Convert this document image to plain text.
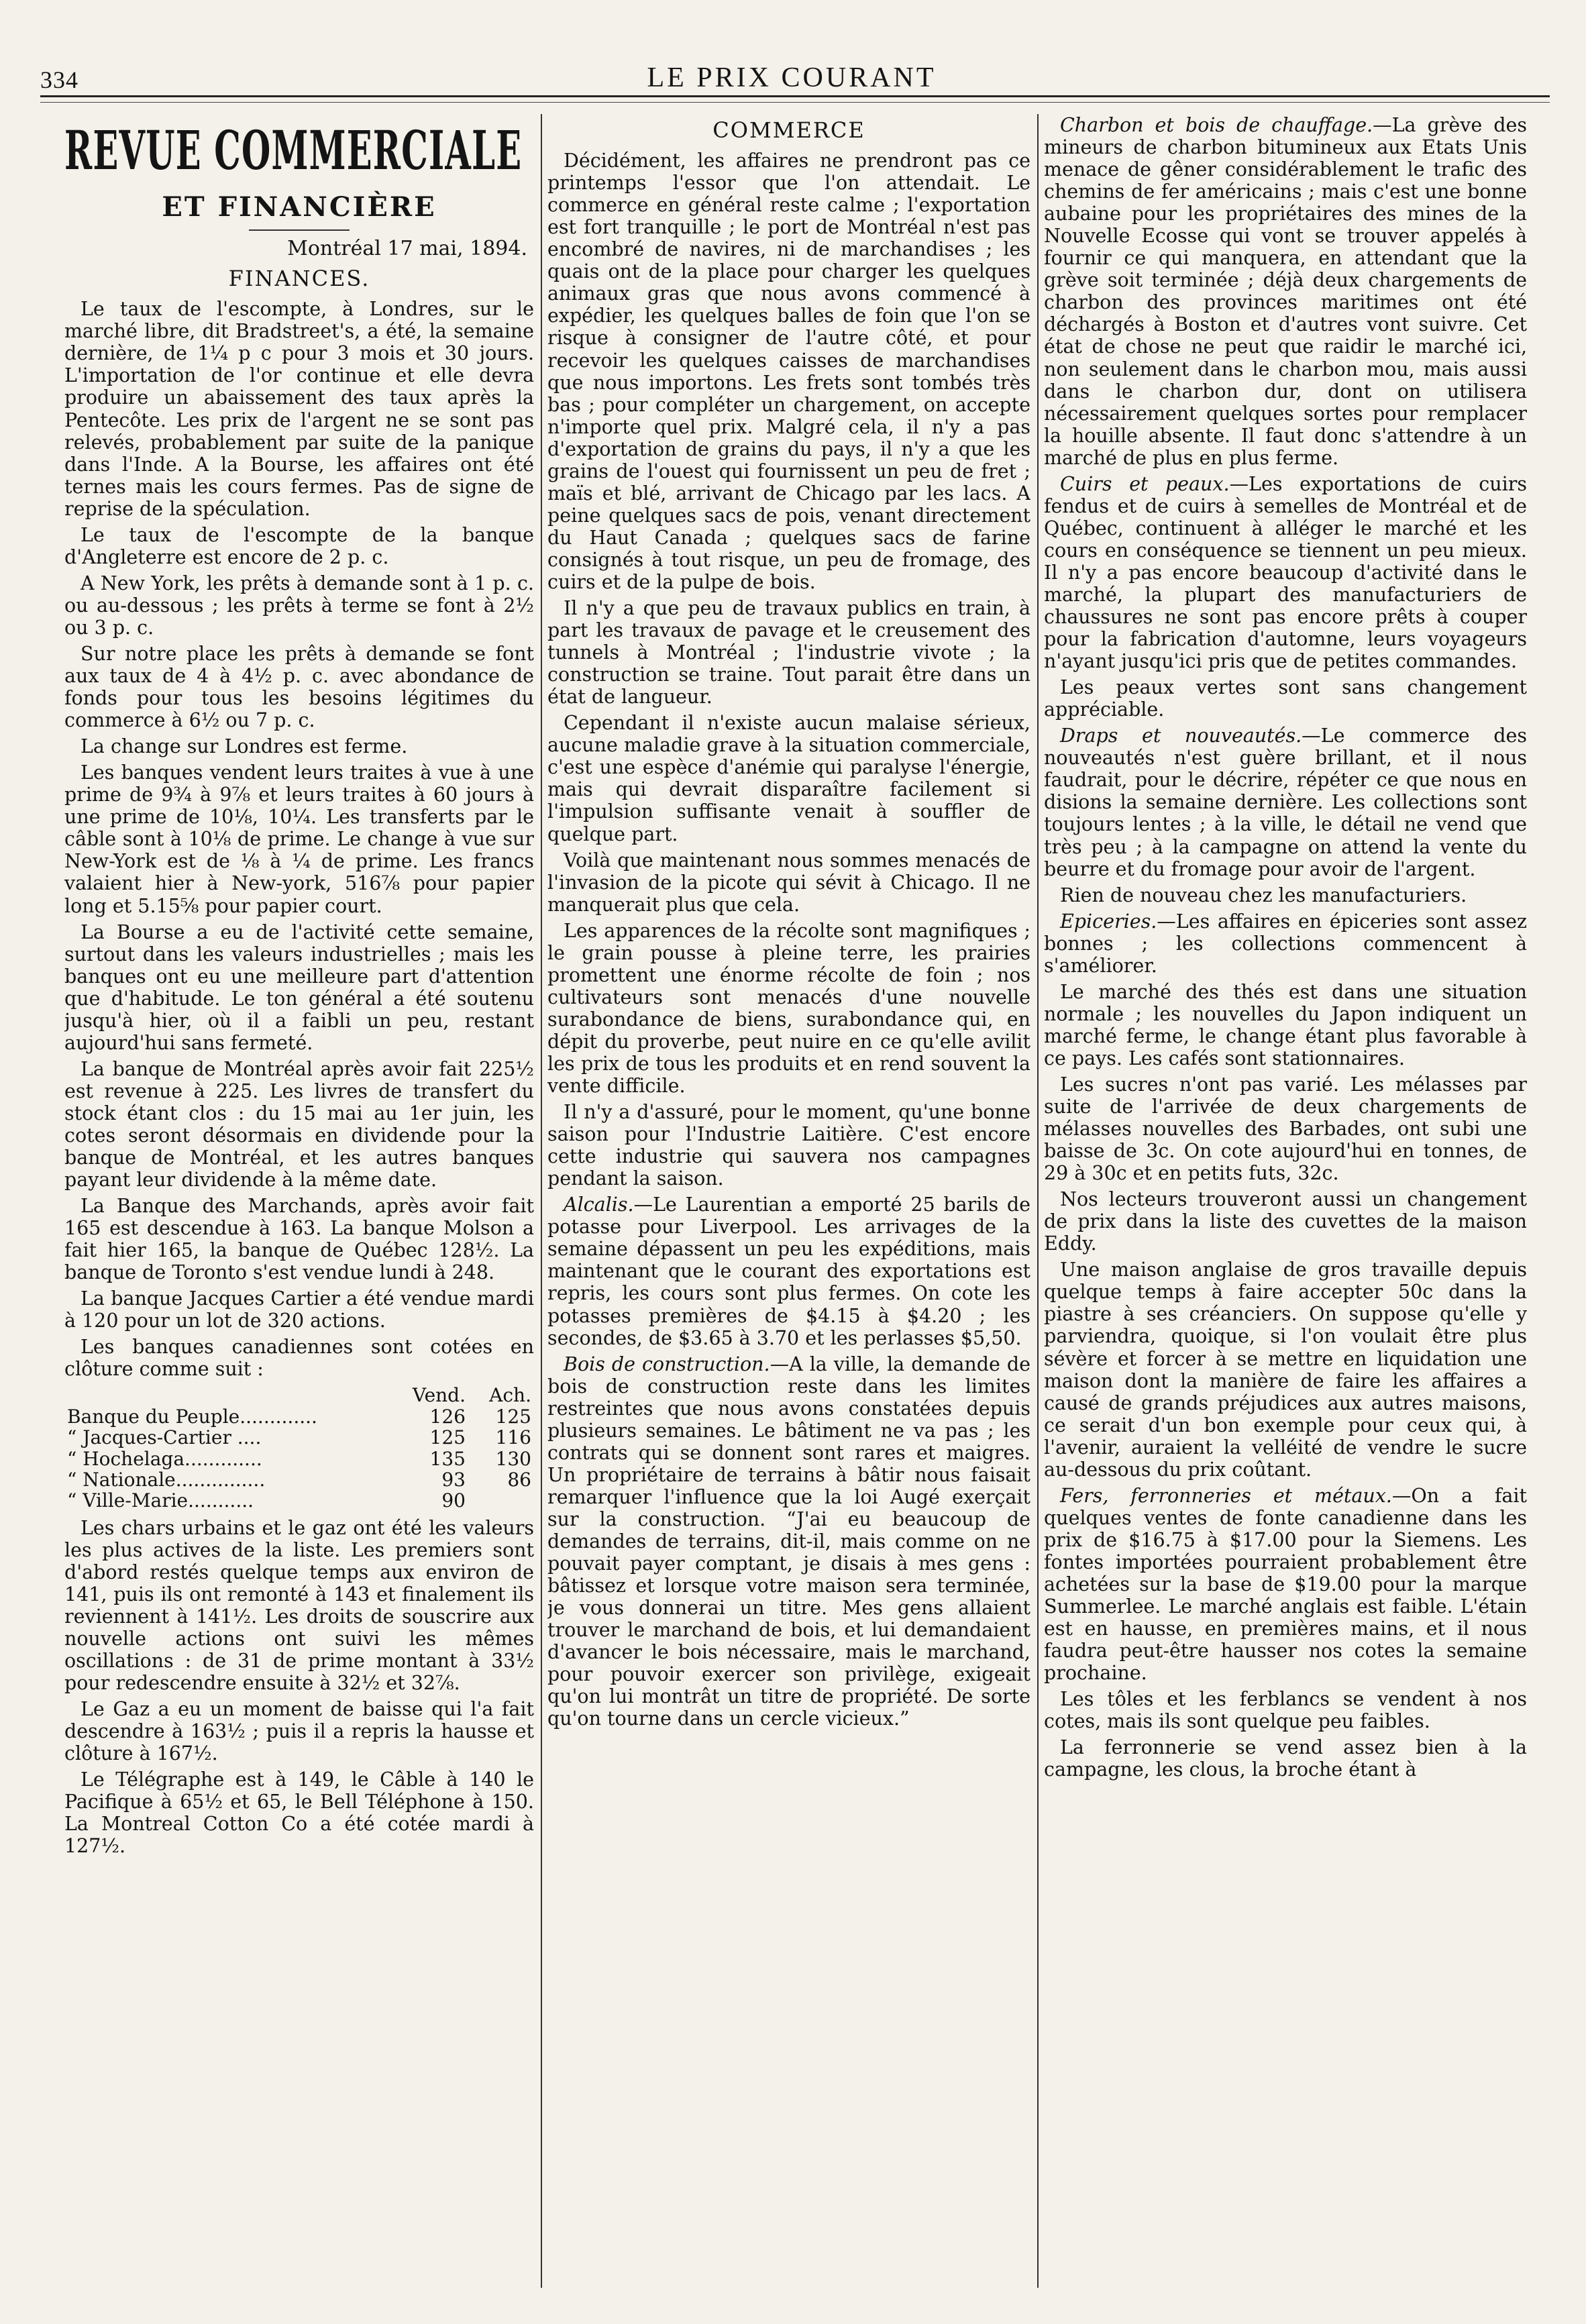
334	LE PRIX COURANT
REVUE COMMERCIALE
ET FINANCIÈRE
Montréal 17 mai, 1894.
FINANCES.

Le taux de l'escompte, à Londres, sur le marché libre, dit Bradstreet's, a été, la semaine dernière, de 1¼ p c pour 3 mois et 30 jours. L'importation de l'or continue et elle devra produire un abaissement des taux après la Pentecôte. Les prix de l'argent ne se sont pas relevés, probablement par suite de la panique dans l'Inde. A la Bourse, les affaires ont été ternes mais les cours fermes. Pas de signe de reprise de la spéculation.

Le taux de l'escompte de la banque d'Angleterre est encore de 2 p. c.

A New York, les prêts à demande sont à 1 p. c. ou au-dessous ; les prêts à terme se font à 2½ ou 3 p. c.

Sur notre place les prêts à demande se font aux taux de 4 à 4½ p. c. avec abondance de fonds pour tous les besoins légitimes du commerce à 6½ ou 7 p. c.

La change sur Londres est ferme.

Les banques vendent leurs traites à vue à une prime de 9¾ à 9⅞ et leurs traites à 60 jours à une prime de 10⅛, 10¼. Les transferts par le câble sont à 10⅛ de prime. Le change à vue sur New-York est de ⅛ à ¼ de prime. Les francs valaient hier à New-york, 516⅞ pour papier long et 5.15⅝ pour papier court.

La Bourse a eu de l'activité cette semaine, surtout dans les valeurs industrielles ; mais les banques ont eu une meilleure part d'attention que d'habitude. Le ton général a été soutenu jusqu'à hier, où il a faibli un peu, restant aujourd'hui sans fermeté.

La banque de Montréal après avoir fait 225½ est revenue à 225. Les livres de transfert du stock étant clos : du 15 mai au 1er juin, les cotes seront désormais en dividende pour la banque de Montréal, et les autres banques payant leur dividende à la même date.

La Banque des Marchands, après avoir fait 165 est descendue à 163. La banque Molson a fait hier 165, la banque de Québec 128½. La banque de Toronto s'est vendue lundi à 248.

La banque Jacques Cartier a été vendue mardi à 120 pour un lot de 320 actions.

Les banques canadiennes sont cotées en clôture comme suit :

	Vend.	Ach.
Banque du Peuple.............	126	125
“ Jacques-Cartier ....	125	116
“ Hochelaga.............	135	130
“ Nationale...............	93	86
“ Ville-Marie...........	90	

Les chars urbains et le gaz ont été les valeurs les plus actives de la liste. Les premiers sont d'abord restés quelque temps aux environ de 141, puis ils ont remonté à 143 et finalement ils reviennent à 141½. Les droits de souscrire aux nouvelle actions ont suivi les mêmes oscillations : de 31 de prime montant à 33½ pour redescendre ensuite à 32½ et 32⅞.

Le Gaz a eu un moment de baisse qui l'a fait descendre à 163½ ; puis il a repris la hausse et clôture à 167½.

Le Télégraphe est à 149, le Câble à 140 le Pacifique à 65½ et 65, le Bell Téléphone à 150. La Montreal Cotton Co a été cotée mardi à 127½.

COMMERCE

Décidément, les affaires ne prendront pas ce printemps l'essor que l'on attendait. Le commerce en général reste calme ; l'exportation est fort tranquille ; le port de Montréal n'est pas encombré de navires, ni de marchandises ; les quais ont de la place pour charger les quelques animaux gras que nous avons commencé à expédier, les quelques balles de foin que l'on se risque à consigner de l'autre côté, et pour recevoir les quelques caisses de marchandises que nous importons. Les frets sont tombés très bas ; pour compléter un chargement, on accepte n'importe quel prix. Malgré cela, il n'y a pas d'exportation de grains du pays, il n'y a que les grains de l'ouest qui fournissent un peu de fret ; maïs et blé, arrivant de Chicago par les lacs. A peine quelques sacs de pois, venant directement du Haut Canada ; quelques sacs de farine consignés à tout risque, un peu de fromage, des cuirs et de la pulpe de bois.

Il n'y a que peu de travaux publics en train, à part les travaux de pavage et le creusement des tunnels à Montréal ; l'industrie vivote ; la construction se traine. Tout parait être dans un état de langueur.

Cependant il n'existe aucun malaise sérieux, aucune maladie grave à la situation commerciale, c'est une espèce d'anémie qui paralyse l'énergie, mais qui devrait disparaître facilement si l'impulsion suffisante venait à souffler de quelque part.

Voilà que maintenant nous sommes menacés de l'invasion de la picote qui sévit à Chicago. Il ne manquerait plus que cela.

Les apparences de la récolte sont magnifiques ; le grain pousse à pleine terre, les prairies promettent une énorme récolte de foin ; nos cultivateurs sont menacés d'une nouvelle surabondance de biens, surabondance qui, en dépit du proverbe, peut nuire en ce qu'elle avilit les prix de tous les produits et en rend souvent la vente difficile.

Il n'y a d'assuré, pour le moment, qu'une bonne saison pour l'Industrie Laitière. C'est encore cette industrie qui sauvera nos campagnes pendant la saison.

Alcalis.—Le Laurentian a emporté 25 barils de potasse pour Liverpool. Les arrivages de la semaine dépassent un peu les expéditions, mais maintenant que le courant des exportations est repris, les cours sont plus fermes. On cote les potasses premières de $4.15 à $4.20 ; les secondes, de $3.65 à 3.70 et les perlasses $5,50.

Bois de construction.—A la ville, la demande de bois de construction reste dans les limites restreintes que nous avons constatées depuis plusieurs semaines. Le bâtiment ne va pas ; les contrats qui se donnent sont rares et maigres. Un propriétaire de terrains à bâtir nous faisait remarquer l'influence que la loi Augé exerçait sur la construction. “J'ai eu beaucoup de demandes de terrains, dit-il, mais comme on ne pouvait payer comptant, je disais à mes gens : bâtissez et lorsque votre maison sera terminée, je vous donnerai un titre. Mes gens allaient trouver le marchand de bois, et lui demandaient d'avancer le bois nécessaire, mais le marchand, pour pouvoir exercer son privilège, exigeait qu'on lui montrât un titre de propriété. De sorte qu'on tourne dans un cercle vicieux.”

Charbon et bois de chauffage.—La grève des mineurs de charbon bitumineux aux Etats Unis menace de gêner considérablement le trafic des chemins de fer américains ; mais c'est une bonne aubaine pour les propriétaires des mines de la Nouvelle Ecosse qui vont se trouver appelés à fournir ce qui manquera, en attendant que la grève soit terminée ; déjà deux chargements de charbon des provinces maritimes ont été déchargés à Boston et d'autres vont suivre. Cet état de chose ne peut que raidir le marché ici, non seulement dans le charbon mou, mais aussi dans le charbon dur, dont on utilisera nécessairement quelques sortes pour remplacer la houille absente. Il faut donc s'attendre à un marché de plus en plus ferme.

Cuirs et peaux.—Les exportations de cuirs fendus et de cuirs à semelles de Montréal et de Québec, continuent à alléger le marché et les cours en conséquence se tiennent un peu mieux. Il n'y a pas encore beaucoup d'activité dans le marché, la plupart des manufacturiers de chaussures ne sont pas encore prêts à couper pour la fabrication d'automne, leurs voyageurs n'ayant jusqu'ici pris que de petites commandes.

Les peaux vertes sont sans changement appréciable.

Draps et nouveautés.—Le commerce des nouveautés n'est guère brillant, et il nous faudrait, pour le décrire, répéter ce que nous en disions la semaine dernière. Les collections sont toujours lentes ; à la ville, le détail ne vend que très peu ; à la campagne on attend la vente du beurre et du fromage pour avoir de l'argent.

Rien de nouveau chez les manufacturiers.

Epiceries.—Les affaires en épiceries sont assez bonnes ; les collections commencent à s'améliorer.

Le marché des thés est dans une situation normale ; les nouvelles du Japon indiquent un marché ferme, le change étant plus favorable à ce pays. Les cafés sont stationnaires.

Les sucres n'ont pas varié. Les mélasses par suite de l'arrivée de deux chargements de mélasses nouvelles des Barbades, ont subi une baisse de 3c. On cote aujourd'hui en tonnes, de 29 à 30c et en petits futs, 32c.

Nos lecteurs trouveront aussi un changement de prix dans la liste des cuvettes de la maison Eddy.

Une maison anglaise de gros travaille depuis quelque temps à faire accepter 50c dans la piastre à ses créanciers. On suppose qu'elle y parviendra, quoique, si l'on voulait être plus sévère et forcer à se mettre en liquidation une maison dont la manière de faire les affaires a causé de grands préjudices aux autres maisons, ce serait d'un bon exemple pour ceux qui, à l'avenir, auraient la velléité de vendre le sucre au-dessous du prix coûtant.

Fers, ferronneries et métaux.—On a fait quelques ventes de fonte canadienne dans les prix de $16.75 à $17.00 pour la Siemens. Les fontes importées pourraient probablement être achetées sur la base de $19.00 pour la marque Summerlee. Le marché anglais est faible. L'étain est en hausse, en premières mains, et il nous faudra peut-être hausser nos cotes la semaine prochaine.

Les tôles et les ferblancs se vendent à nos cotes, mais ils sont quelque peu faibles.

La ferronnerie se vend assez bien à la campagne, les clous, la broche étant à
